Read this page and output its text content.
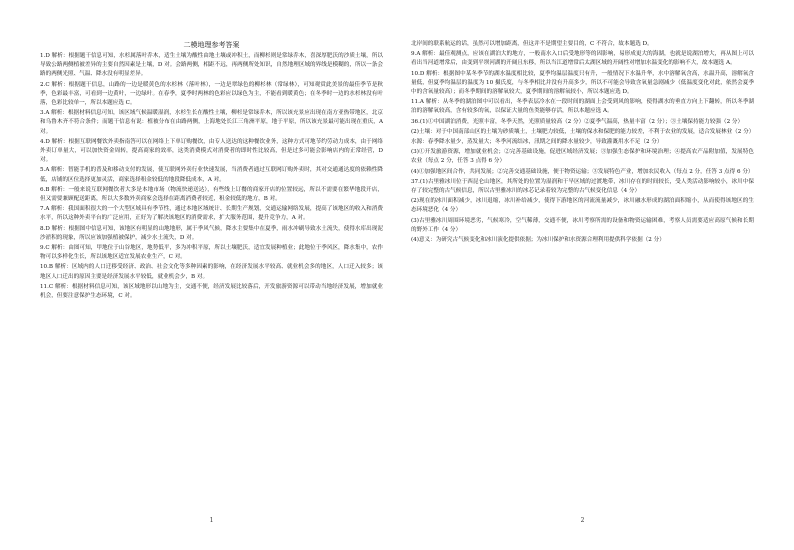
二模地理参考答案

1.D 解析：根据题干信息可知，水杉属落叶乔木，适生土壤为酸性由地土壤或冲积土，而柳杉则是常绿乔木，喜深厚肥沃的沙质土壤，所以导致公路两侧植被差异的主要自然因素是土壤，D 对。会路两侧，相距不远，再两侧所处知识，自然地理区域的界线是模糊的，所以一条会路的两侧光照、气温、降水没有明显差异。

2.C 解析：根据题干信息，山路的一边是暖黄色的水杉林（落叶林），一边是翠绿色的柳杉林（常绿林），可知观赏此美景的最佳季节是秋季，色彩最丰富，可看到一边黄叶，一边绿叶。在春季，夏季时两林的色彩应以绿色为主，不能看到暖黄色；在冬季时一边的水杉林没有叶落，色彩比较单一，所以本题应选 C。

3.A 解析：根据材料信息可知，该区域气候温暖湿润，水杉生长在酸性土壤，柳杉是常绿乔木，所以该充景应出现在南方亚热带地区，北京和乌鲁木齐不符合条件；而题干信息有说：植被分布在由路两侧，上海地处长江三角洲平原，地于平原，所以该充景最可能出现在重庆，A 对。

4.D 解析：根据互联网餐饮外卖指南答可以在网络上下单订购餐饮，由专人送达的这种餐饮业务，这种方式可地节约劳动力成本，由于网络外卖订单量大，可以加快资金周转，提高商家的效率，这类消费模式对消费者的即时性比较高，但是过多可能会影响店内的正常经营，D 对。

5.A 解析：智能手机的普及和移动支付的发展，使互联网外卖行业快速发展，当消费者通过互联网订购外卖时，其对交通通达度的依赖性降低，店铺的区位选择更加灵活，商家选择租金较低的地段降低成本，A 对。

6.B 解析：一般来说互联网餐饮者大多是本地市场（物流快递送达），有些线上订餐的商家开店的位置较远，所以不需要在繁华地段开店，但又需要兼顾配送距离，所以大多数外卖商家会选择在距离消费者较近，租金较低的地方，B 对。

7.A 解析：我国面积很大的一个大型区域具有季节性，通过本地区域统计、长期生产规划，交通运输网络发展，提高了该地区的收入和消费水平，所以这种外卖平台的广泛应用，正好为了解决该地区的消费需求，扩大服务范围，提升竞争力，A 对。

8.D 解析：根据图中信息可知，该地区有明显的山地地形，属于季风气候，降水主要集中在夏季，雨水冲刷导致水土流失，使得水库出现泥沙淤积的现象，所以应该加强植被保护，减少水土流失，D 对。

9.C 解析：由图可知，甲地位于山谷地区，地势低平，多为冲积平原，所以土壤肥沃，适宜发展种植业；此地位于季风区，降水集中，农作物可以多样化生长，所以该地区适宜发展农业生产，C 对。

10.B 解析：区域内的人口迁移受经济、政治、社会文化等多种因素的影响，在经济发展水平较高、就业机会多的地区，人口迁入较多；该地区人口迁出的原因主要是经济发展水平较低，就业机会少，B 对。

11.C 解析：根据材料信息可知，该区域地形以山地为主，交通不便，经济发展比较落后，开发旅游资源可以带动当地经济发展，增加就业机会，但要注意保护生态环境，C 对。

1

北岸间的联系航运的话，虽然可以增加距离，但这并不是期望主要目的，C 不符合，故本题选 D。

9.A 解析：最佳观测点，应该在湖泊大的地方，一般南水入口后受地形等的因影响，易形成更大的海湖，也就是说湖泊增大，再从图上可以看出当河道增常后，由变到平坝河湖的开阔且东移，所以当江道增常后太湖区域的开阔性对增加水温变化的影响不大，故本题选 A。

10.D 解析：根据图中某冬季节的湖水温度相比较，夏季均温层温度只有升，一般情况下水温升华，水中溶解氧含高，水温升高，溶解氧含量低，但夏季均温层的温度为 10 摄氏度，与冬季相比并没有升高多少，所以不可能会导致含氧量急剧减少（低温度变化对此，依然会夏季中的含氧量较高）；而冬季期间的溶解氧较大，夏季期间的溶解氧较小，所以本题应选 D。

11.A 解析：从冬季的湖泊图中可以看出，冬季表层冷水在一段时间的湖面上会受到风的影响，使得湖水的垂直方向上下翻转，所以冬季湖泊的溶解氧较高，含有较多的氧，以保证大量的鱼类能够存活，所以本题应选 A。

36.(1)①中国湖泊消费，光照丰富，冬季天然，光照质量较高（2 分）②夏季气温高，热量丰富（2 分）；③土壤保持能力较强（2 分）

(2)土壤：对于中国南部山区的土壤为砂质壤土，土壤肥力较低，土壤的保水和保肥的能力较差，不利于农业的发展，适合发展林业（2 分）

水源：春季降水量少，蒸发量大；冬季河流结冰，汛期之间的降水量较少，导致灌溉用水不足（2 分）

(3)①开发旅游资源，增加就业机会；②完善基础设施，促进区域经济发展；③加强生态保护和环境治理；④提高农产品附加值，发展特色农业（每点 2 分，任答 3 点得 6 分）

(4)①加强地区间合作，共同发展；②完善交通基础设施，便于物资运输；③发展特色产业，增加农民收入（每点 2 分，任答 3 点得 6 分）

37.(1)古里雅冰川位于西昆仑山地区，其所处的位置为湿润和干旱区域的过渡地带，冰川存在的时间较长，受人类活动影响较小，冰川中保存了较完整的古气候信息，所以古里雅冰川的冰芯记录着较为完整的古气候变化信息（4 分）

(2)现在的冰川面积减少，冰川退缩，冰川补给减少，使得下游地区的河流流量减少，冰川融水形成的湖泊面积缩小，从而使得该地区的生态环境恶化（4 分）

(3)古里雅冰川周围环境恶劣，气候寒冷，空气稀薄，交通不便，冰川考察所需的设备和物资运输困难，考察人员需要适应高原气候和长期的野外工作（4 分）

(4)意义：为研究古气候变化和冰川演化提供依据；为冰川保护和水资源合理利用提供科学依据（2 分）

2
